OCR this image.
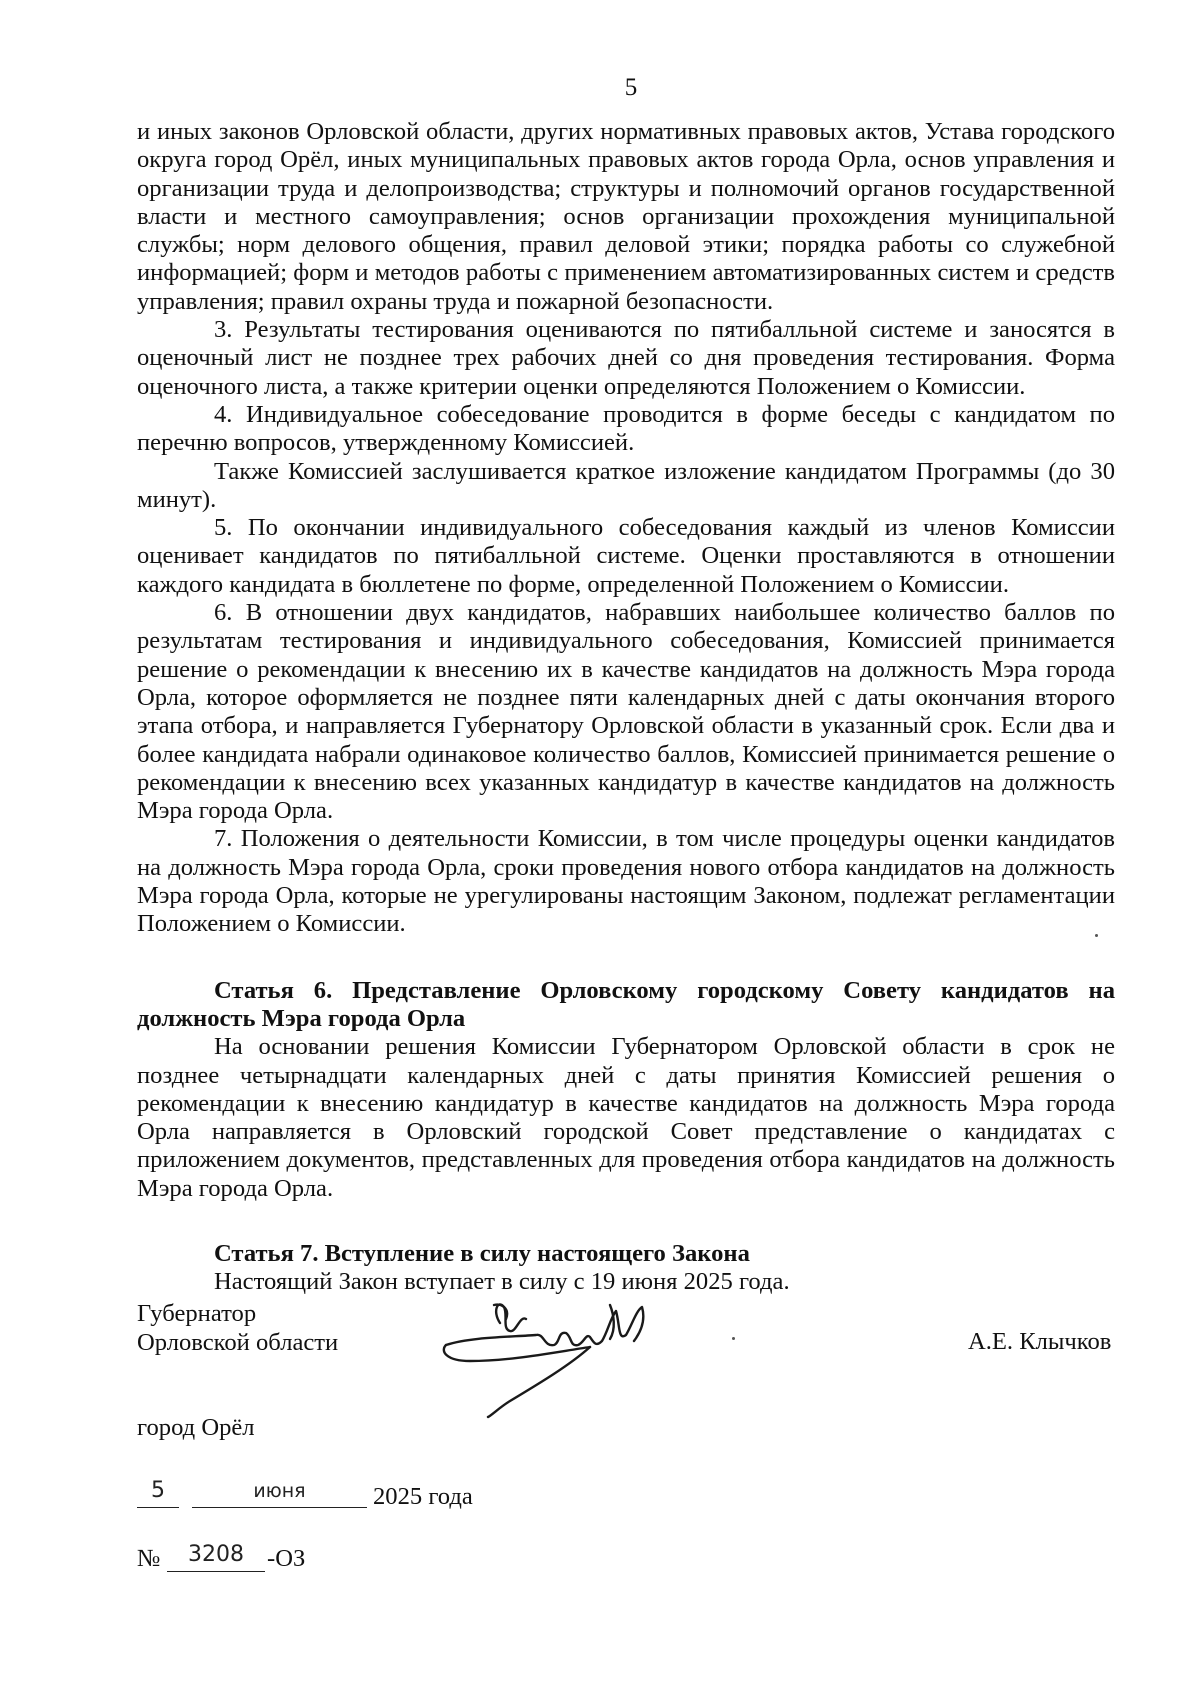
5

и иных законов Орловской области, других нормативных правовых актов, Устава городского округа город Орёл, иных муниципальных правовых актов города Орла, основ управления и организации труда и делопроизводства; структуры и полномочий органов государственной власти и местного самоуправления; основ организации прохождения муниципальной службы; норм делового общения, правил деловой этики; порядка работы со служебной информацией; форм и методов работы с применением автоматизированных систем и средств управления; правил охраны труда и пожарной безопасности.

3. Результаты тестирования оцениваются по пятибалльной системе и заносятся в оценочный лист не позднее трех рабочих дней со дня проведения тестирования. Форма оценочного листа, а также критерии оценки определяются Положением о Комиссии.

4. Индивидуальное собеседование проводится в форме беседы с кандидатом по перечню вопросов, утвержденному Комиссией.

Также Комиссией заслушивается краткое изложение кандидатом Программы (до 30 минут).

5. По окончании индивидуального собеседования каждый из членов Комиссии оценивает кандидатов по пятибалльной системе. Оценки проставляются в отношении каждого кандидата в бюллетене по форме, определенной Положением о Комиссии.

6. В отношении двух кандидатов, набравших наибольшее количество баллов по результатам тестирования и индивидуального собеседования, Комиссией принимается решение о рекомендации к внесению их в качестве кандидатов на должность Мэра города Орла, которое оформляется не позднее пяти календарных дней с даты окончания второго этапа отбора, и направляется Губернатору Орловской области в указанный срок. Если два и более кандидата набрали одинаковое количество баллов, Комиссией принимается решение о рекомендации к внесению всех указанных кандидатур в качестве кандидатов на должность Мэра города Орла.

7. Положения о деятельности Комиссии, в том числе процедуры оценки кандидатов на должность Мэра города Орла, сроки проведения нового отбора кандидатов на должность Мэра города Орла, которые не урегулированы настоящим Законом, подлежат регламентации Положением о Комиссии.

Статья 6. Представление Орловскому городскому Совету кандидатов на должность Мэра города Орла

На основании решения Комиссии Губернатором Орловской области в срок не позднее четырнадцати календарных дней с даты принятия Комиссией решения о рекомендации к внесению кандидатур в качестве кандидатов на должность Мэра города Орла направляется в Орловский городской Совет представление о кандидатах с приложением документов, представленных для проведения отбора кандидатов на должность Мэра города Орла.

Статья 7. Вступление в силу настоящего Закона

Настоящий Закон вступает в силу с 19 июня 2025 года.

Губернатор
Орловской области	А.Е. Клычков
город Орёл
5	июня	2025 года
№	3208 -ОЗ
